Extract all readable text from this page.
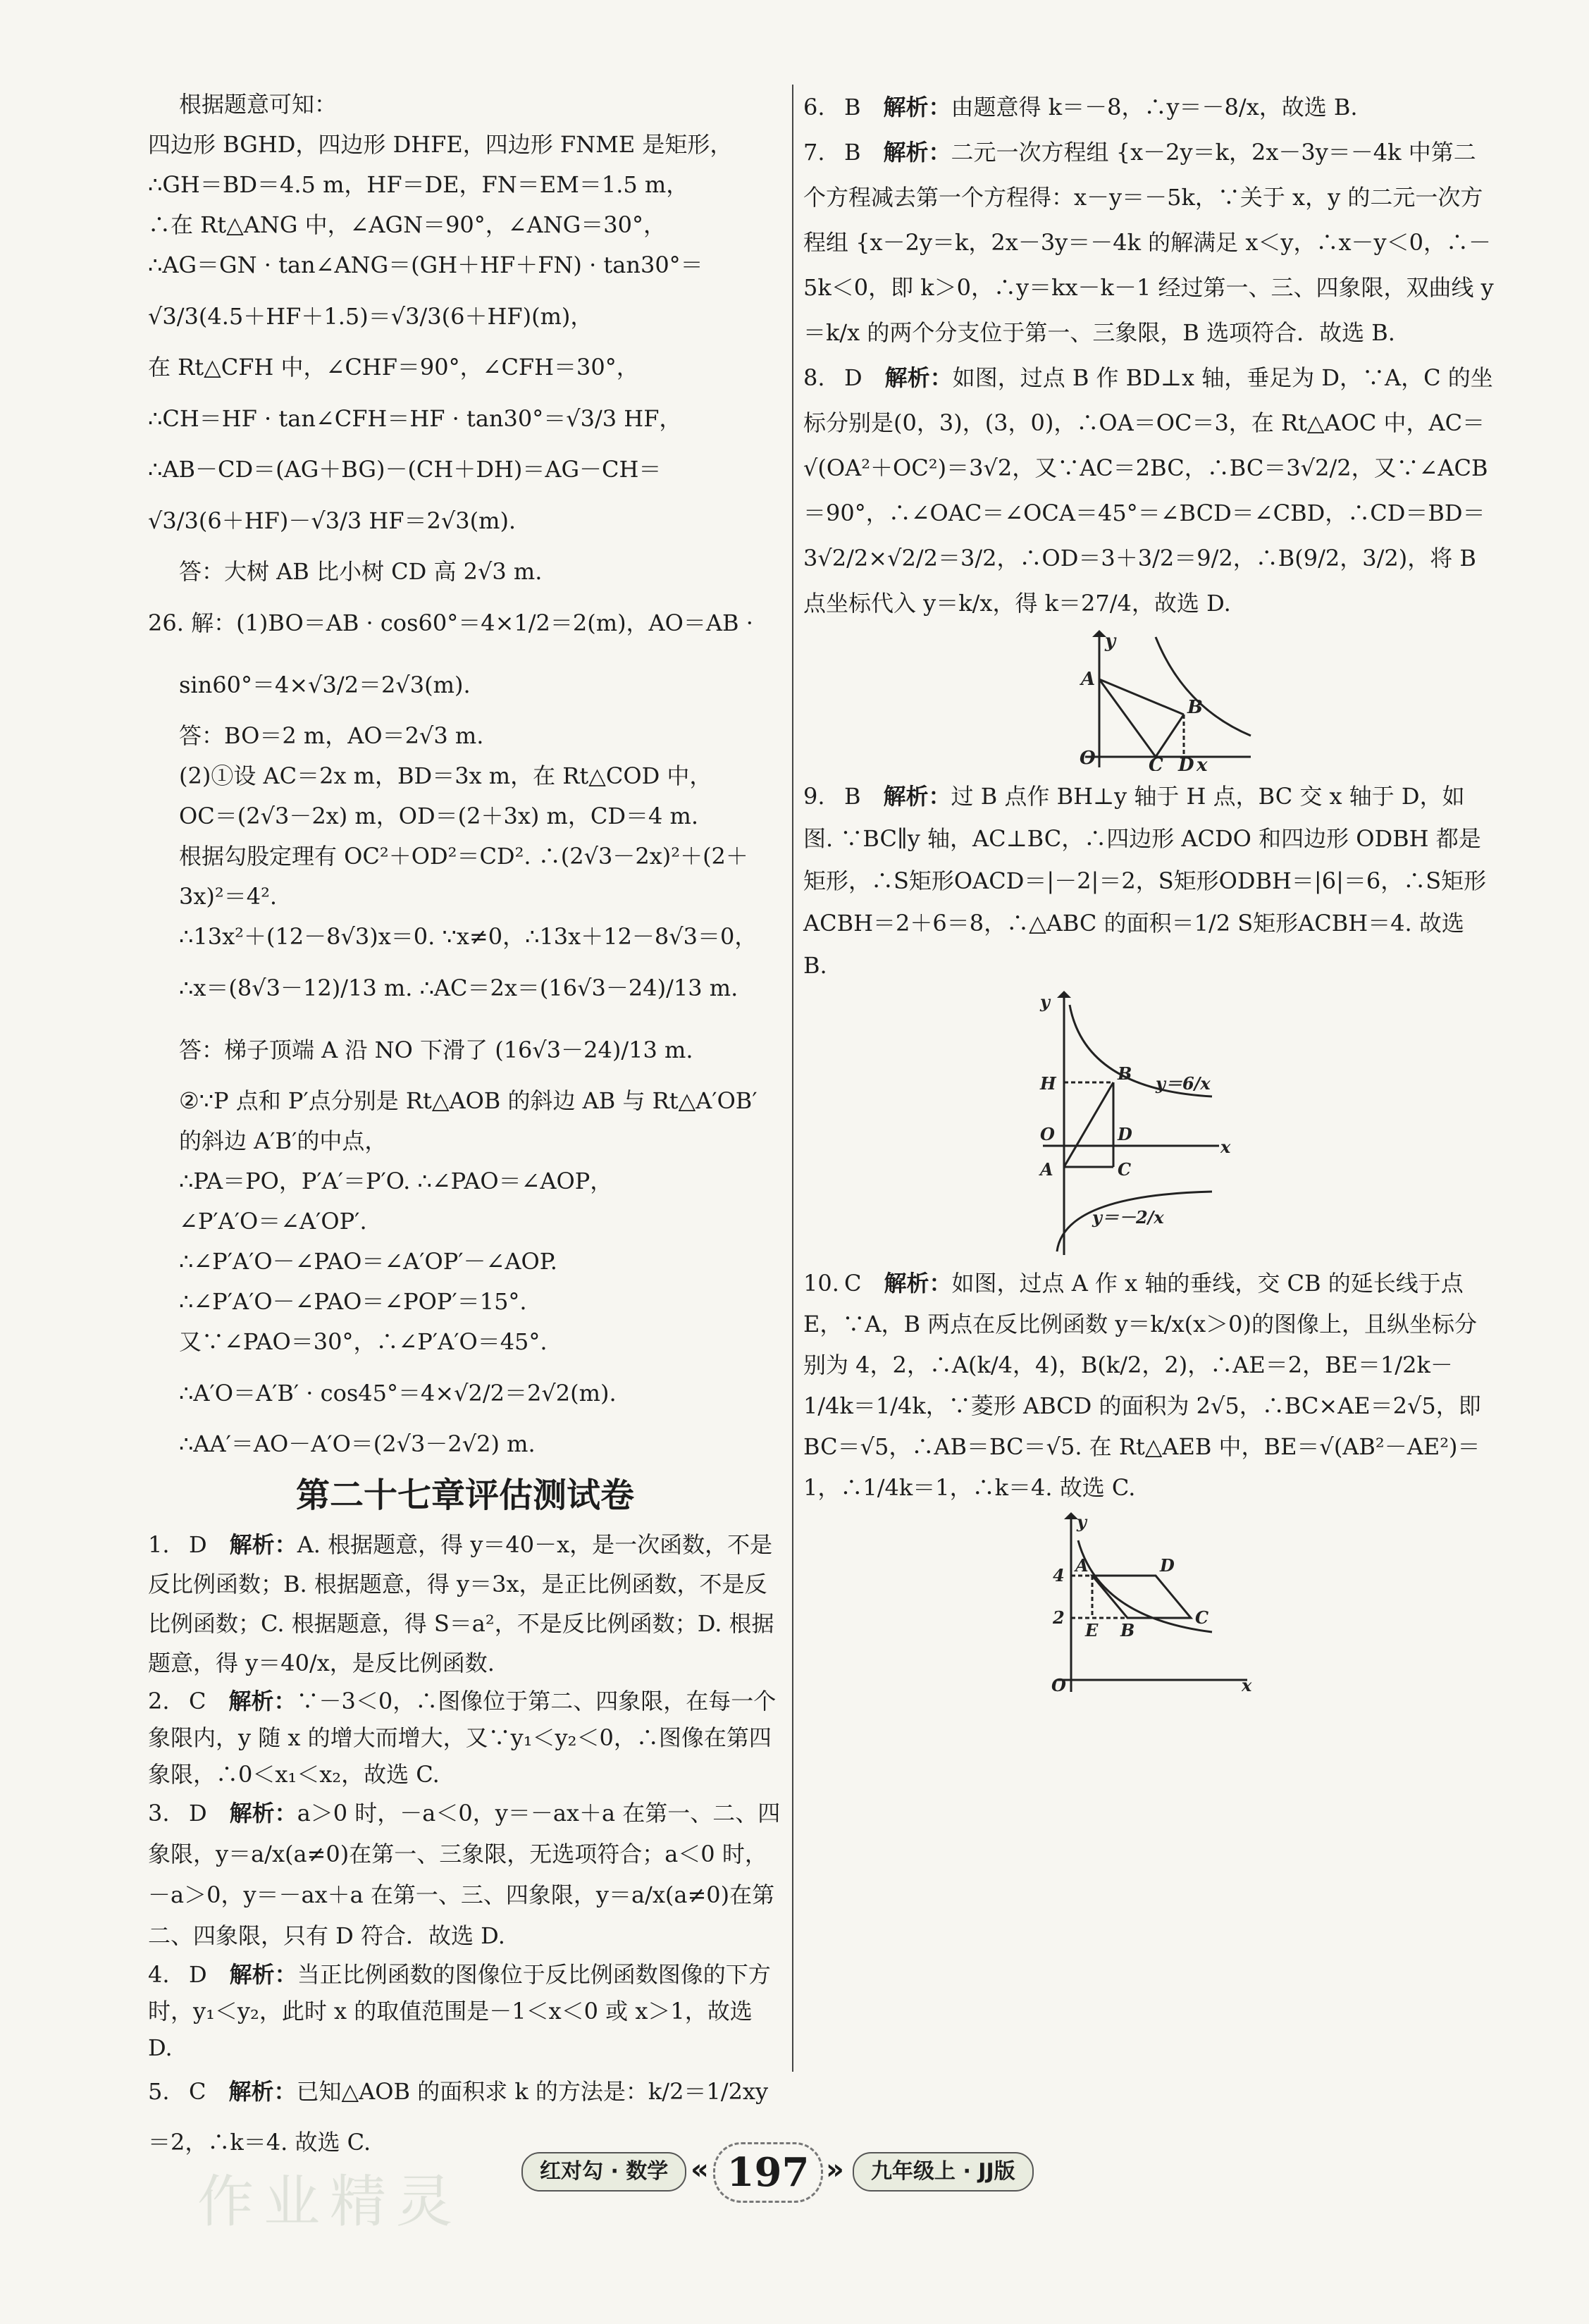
根据题意可知：
四边形 BGHD，四边形 DHFE，四边形 FNME 是矩形，
∴GH＝BD＝4.5 m，HF＝DE，FN＝EM＝1.5 m，
∴在 Rt△ANG 中，∠AGN＝90°，∠ANG＝30°，
∴AG＝GN · tan∠ANG＝(GH＋HF＋FN) · tan30°＝
√3/3(4.5＋HF＋1.5)＝√3/3(6＋HF)(m)，
在 Rt△CFH 中，∠CHF＝90°，∠CFH＝30°，
∴CH＝HF · tan∠CFH＝HF · tan30°＝√3/3 HF，
∴AB－CD＝(AG＋BG)－(CH＋DH)＝AG－CH＝
√3/3(6＋HF)－√3/3 HF＝2√3(m).
答：大树 AB 比小树 CD 高 2√3 m.
26. 解：(1)BO＝AB · cos60°＝4×1/2＝2(m)，AO＝AB ·
sin60°＝4×√3/2＝2√3(m).
答：BO＝2 m，AO＝2√3 m.
(2)①设 AC＝2x m，BD＝3x m，在 Rt△COD 中，
OC＝(2√3－2x) m，OD＝(2＋3x) m，CD＝4 m.
根据勾股定理有 OC²＋OD²＝CD². ∴(2√3－2x)²＋(2＋
3x)²＝4².
∴13x²＋(12－8√3)x＝0. ∵x≠0，∴13x＋12－8√3＝0，
∴x＝(8√3－12)/13 m. ∴AC＝2x＝(16√3－24)/13 m.
答：梯子顶端 A 沿 NO 下滑了 (16√3－24)/13 m.
②∵P 点和 P′点分别是 Rt△AOB 的斜边 AB 与 Rt△A′OB′
的斜边 A′B′的中点，
∴PA＝PO，P′A′＝P′O. ∴∠PAO＝∠AOP，
∠P′A′O＝∠A′OP′.
∴∠P′A′O－∠PAO＝∠A′OP′－∠AOP.
∴∠P′A′O－∠PAO＝∠POP′＝15°.
又∵∠PAO＝30°，∴∠P′A′O＝45°.
∴A′O＝A′B′ · cos45°＝4×√2/2＝2√2(m).
∴AA′＝AO－A′O＝(2√3－2√2) m.
第二十七章评估测试卷
1. D　 解析：A. 根据题意，得 y＝40－x，是一次函数，不是反比例函数；B. 根据题意，得 y＝3x，是正比例函数，不是反比例函数；C. 根据题意，得 S＝a²，不是反比例函数；D. 根据题意，得 y＝40/x，是反比例函数.
2. C　 解析：∵－3＜0，∴图像位于第二、四象限，在每一个象限内，y 随 x 的增大而增大，又∵y₁＜y₂＜0，∴图像在第四象限，∴0＜x₁＜x₂，故选 C.
3. D　 解析：a＞0 时，－a＜0，y＝－ax＋a 在第一、二、四象限，y＝a/x(a≠0)在第一、三象限，无选项符合；a＜0 时，－a＞0，y＝－ax＋a 在第一、三、四象限，y＝a/x(a≠0)在第二、四象限，只有 D 符合．故选 D.
4. D　 解析：当正比例函数的图像位于反比例函数图像的下方时，y₁＜y₂，此时 x 的取值范围是－1＜x＜0 或 x＞1，故选 D.
5. C　 解析：已知△AOB 的面积求 k 的方法是：k/2＝1/2xy＝2，∴k＝4. 故选 C.
6. B　 解析：由题意得 k＝－8，∴y＝－8/x，故选 B.
7. B　 解析：二元一次方程组 {x－2y＝k，2x－3y＝－4k 中第二个方程减去第一个方程得：x－y＝－5k，∵关于 x，y 的二元一次方程组 {x－2y＝k，2x－3y＝－4k 的解满足 x＜y，∴x－y＜0，∴－5k＜0，即 k＞0，∴y＝kx－k－1 经过第一、三、四象限，双曲线 y＝k/x 的两个分支位于第一、三象限，B 选项符合．故选 B.
8. D　 解析：如图，过点 B 作 BD⊥x 轴，垂足为 D，∵A，C 的坐标分别是(0，3)，(3，0)，∴OA＝OC＝3，在 Rt△AOC 中，AC＝√(OA²＋OC²)＝3√2，又∵AC＝2BC，∴BC＝3√2/2，又∵∠ACB＝90°，∴∠OAC＝∠OCA＝45°＝∠BCD＝∠CBD，∴CD＝BD＝3√2/2×√2/2＝3/2，∴OD＝3＋3/2＝9/2，∴B(9/2，3/2)，将 B 点坐标代入 y＝k/x，得 k＝27/4，故选 D.
y
A
B
O	C D x
9. B　 解析：过 B 点作 BH⊥y 轴于 H 点，BC 交 x 轴于 D，如图. ∵BC∥y 轴，AC⊥BC，∴四边形 ACDO 和四边形 ODBH 都是矩形，∴S矩形OACD＝|－2|＝2，S矩形ODBH＝|6|＝6，∴S矩形ACBH＝2＋6＝8，∴△ABC 的面积＝1/2 S矩形ACBH＝4. 故选 B.
y
H	B y＝6/x
O	D
A	C
y＝－2/x
x
10. C　 解析：如图，过点 A 作 x 轴的垂线，交 CB 的延长线于点 E，∵A，B 两点在反比例函数 y＝k/x(x＞0)的图像上，且纵坐标分别为 4，2，∴A(k/4，4)，B(k/2，2)，∴AE＝2，BE＝1/2k－1/4k＝1/4k，∵菱形 ABCD 的面积为 2√5，∴BC×AE＝2√5，即 BC＝√5，∴AB＝BC＝√5. 在 Rt△AEB 中，BE＝√(AB²－AE²)＝1，∴1/4k＝1，∴k＝4. 故选 C.
y
4 A	D
2
E B
C
O	x
红对勾 · 数学 « 197 »	九年级上 · JJ版
作业精灵
